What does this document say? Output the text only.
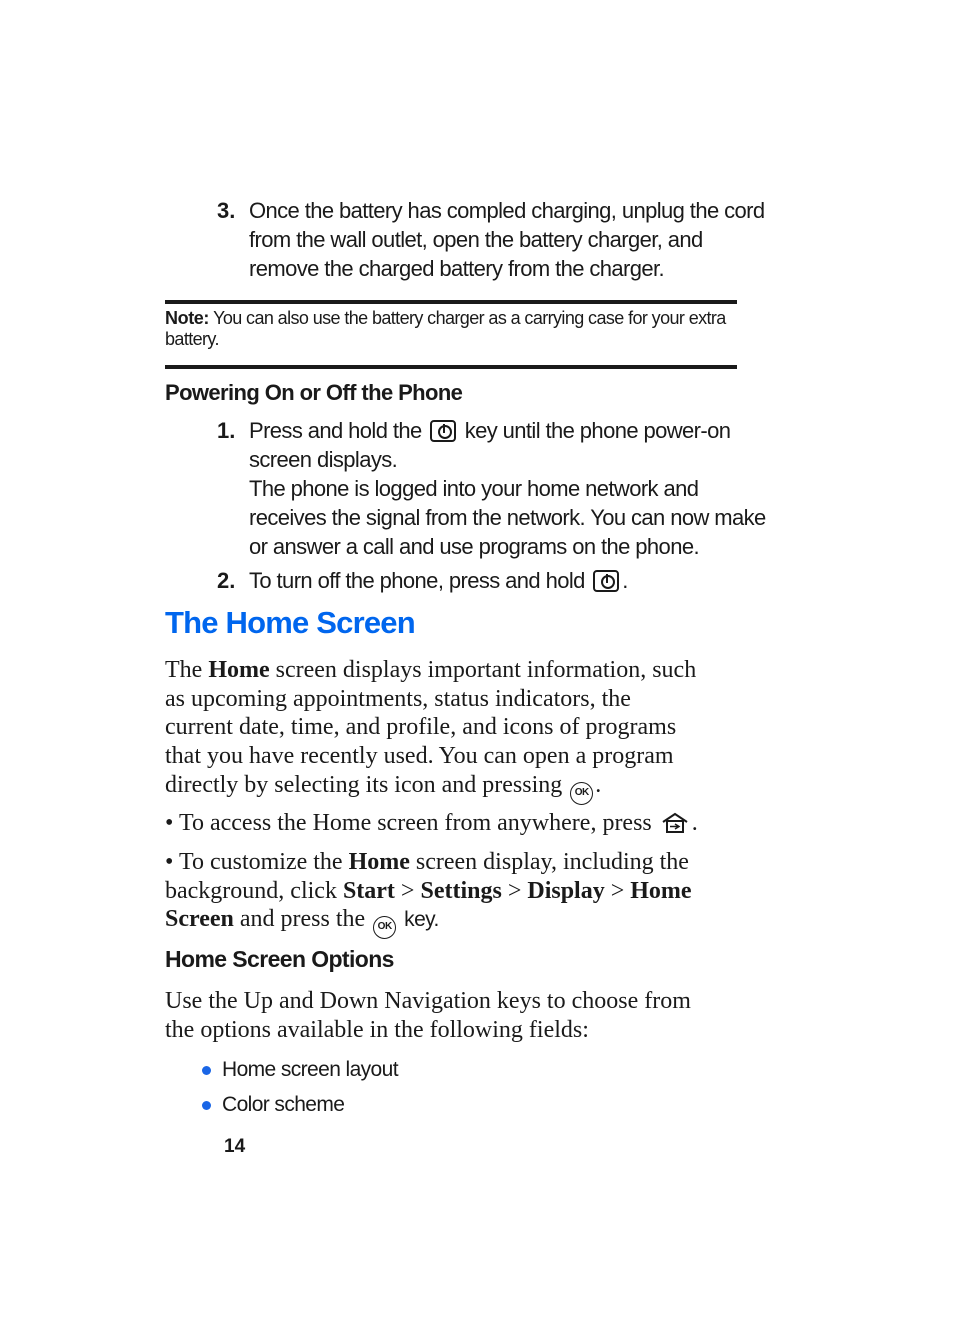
3. Once the battery has compled charging, unplug the cord
from the wall outlet, open the battery charger, and
remove the charged battery from the charger.
Note: You can also use the battery charger as a carrying case for your extra
battery.
Powering On or Off the Phone
1. Press and hold the key until the phone power-on
screen displays.
The phone is logged into your home network and
receives the signal from the network. You can now make
or answer a call and use programs on the phone.
2. To turn off the phone, press and hold .
The Home Screen
The Home screen displays important information, such
as upcoming appointments, status indicators, the
current date, time, and profile, and icons of programs
that you have recently used. You can open a program
directly by selecting its icon and pressing OK .
• To access the Home screen from anywhere, press .
• To customize the Home screen display, including the
background, click Start > Settings > Display > Home
Screen and press the OK key.
Home Screen Options
Use the Up and Down Navigation keys to choose from
the options available in the following fields:
Home screen layout
Color scheme
14
